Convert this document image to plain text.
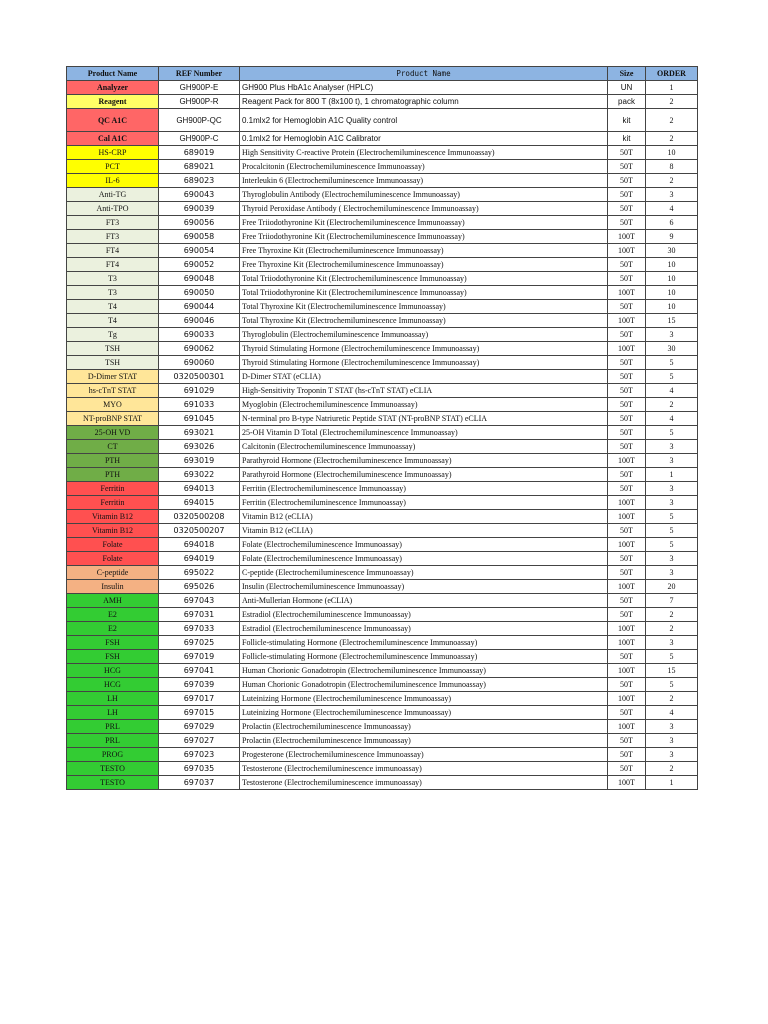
Product Name	REF Number	Product Name	Size	ORDER
Analyzer	GH900P-E	GH900 Plus HbA1c Analyser (HPLC)	UN	1
Reagent	GH900P-R	Reagent Pack for 800 T (8x100 t), 1 chromatographic column	pack	2
QC A1C	GH900P-QC	0.1mlx2 for Hemoglobin A1C Quality control	kit	2
Cal A1C	GH900P-C	0.1mlx2 for Hemoglobin A1C Calibrator	kit	2
HS-CRP	689019	High Sensitivity C-reactive Protein (Electrochemiluminescence Immunoassay)	50T	10
PCT	689021	Procalcitonin (Electrochemiluminescence Immunoassay)	50T	8
IL-6	689023	Interleukin 6 (Electrochemiluminescence Immunoassay)	50T	2
Anti-TG	690043	Thyroglobulin Antibody (Electrochemiluminescence Immunoassay)	50T	3
Anti-TPO	690039	Thyroid Peroxidase Antibody ( Electrochemiluminescence Immunoassay)	50T	4
FT3	690056	Free Triiodothyronine Kit (Electrochemiluminescence Immunoassay)	50T	6
FT3	690058	Free Triiodothyronine Kit (Electrochemiluminescence Immunoassay)	100T	9
FT4	690054	Free Thyroxine Kit (Electrochemiluminescence Immunoassay)	100T	30
FT4	690052	Free Thyroxine Kit (Electrochemiluminescence Immunoassay)	50T	10
T3	690048	Total Triiodothyronine Kit (Electrochemiluminescence Immunoassay)	50T	10
T3	690050	Total Triiodothyronine Kit (Electrochemiluminescence Immunoassay)	100T	10
T4	690044	Total Thyroxine Kit (Electrochemiluminescence Immunoassay)	50T	10
T4	690046	Total Thyroxine Kit (Electrochemiluminescence Immunoassay)	100T	15
Tg	690033	Thyroglobulin (Electrochemiluminescence Immunoassay)	50T	3
TSH	690062	Thyroid Stimulating Hormone (Electrochemiluminescence Immunoassay)	100T	30
TSH	690060	Thyroid Stimulating Hormone (Electrochemiluminescence Immunoassay)	50T	5
D-Dimer STAT	0320500301	D-Dimer STAT (eCLIA)	50T	5
hs-cTnT STAT	691029	High-Sensitivity Troponin T STAT (hs-cTnT STAT) eCLIA	50T	4
MYO	691033	Myoglobin (Electrochemiluminescence Immunoassay)	50T	2
NT-proBNP STAT	691045	N-terminal pro B-type Natriuretic Peptide STAT (NT-proBNP STAT) eCLIA	50T	4
25-OH VD	693021	25-OH Vitamin D Total (Electrochemiluminescence Immunoassay)	50T	5
CT	693026	Calcitonin (Electrochemiluminescence Immunoassay)	50T	3
PTH	693019	Parathyroid Hormone (Electrochemiluminescence Immunoassay)	100T	3
PTH	693022	Parathyroid Hormone (Electrochemiluminescence Immunoassay)	50T	1
Ferritin	694013	Ferritin (Electrochemiluminescence Immunoassay)	50T	3
Ferritin	694015	Ferritin (Electrochemiluminescence Immunoassay)	100T	3
Vitamin B12	0320500208	Vitamin B12 (eCLIA)	100T	5
Vitamin B12	0320500207	Vitamin B12 (eCLIA)	50T	5
Folate	694018	Folate (Electrochemiluminescence Immunoassay)	100T	5
Folate	694019	Folate (Electrochemiluminescence Immunoassay)	50T	3
C-peptide	695022	C-peptide (Electrochemiluminescence Immunoassay)	50T	3
Insulin	695026	Insulin (Electrochemiluminescence Immunoassay)	100T	20
AMH	697043	Anti-Mullerian Hormone (eCLIA)	50T	7
E2	697031	Estradiol (Electrochemiluminescence Immunoassay)	50T	2
E2	697033	Estradiol (Electrochemiluminescence Immunoassay)	100T	2
FSH	697025	Follicle-stimulating Hormone (Electrochemiluminescence Immunoassay)	100T	3
FSH	697019	Follicle-stimulating Hormone (Electrochemiluminescence Immunoassay)	50T	5
HCG	697041	Human Chorionic Gonadotropin (Electrochemiluminescence Immunoassay)	100T	15
HCG	697039	Human Chorionic Gonadotropin (Electrochemiluminescence Immunoassay)	50T	5
LH	697017	Luteinizing Hormone (Electrochemiluminescence Immunoassay)	100T	2
LH	697015	Luteinizing Hormone (Electrochemiluminescence Immunoassay)	50T	4
PRL	697029	Prolactin (Electrochemiluminescence Immunoassay)	100T	3
PRL	697027	Prolactin (Electrochemiluminescence Immunoassay)	50T	3
PROG	697023	Progesterone (Electrochemiluminescence Immunoassay)	50T	3
TESTO	697035	Testosterone (Electrochemiluminescence immunoassay)	50T	2
TESTO	697037	Testosterone (Electrochemiluminescence immunoassay)	100T	1
